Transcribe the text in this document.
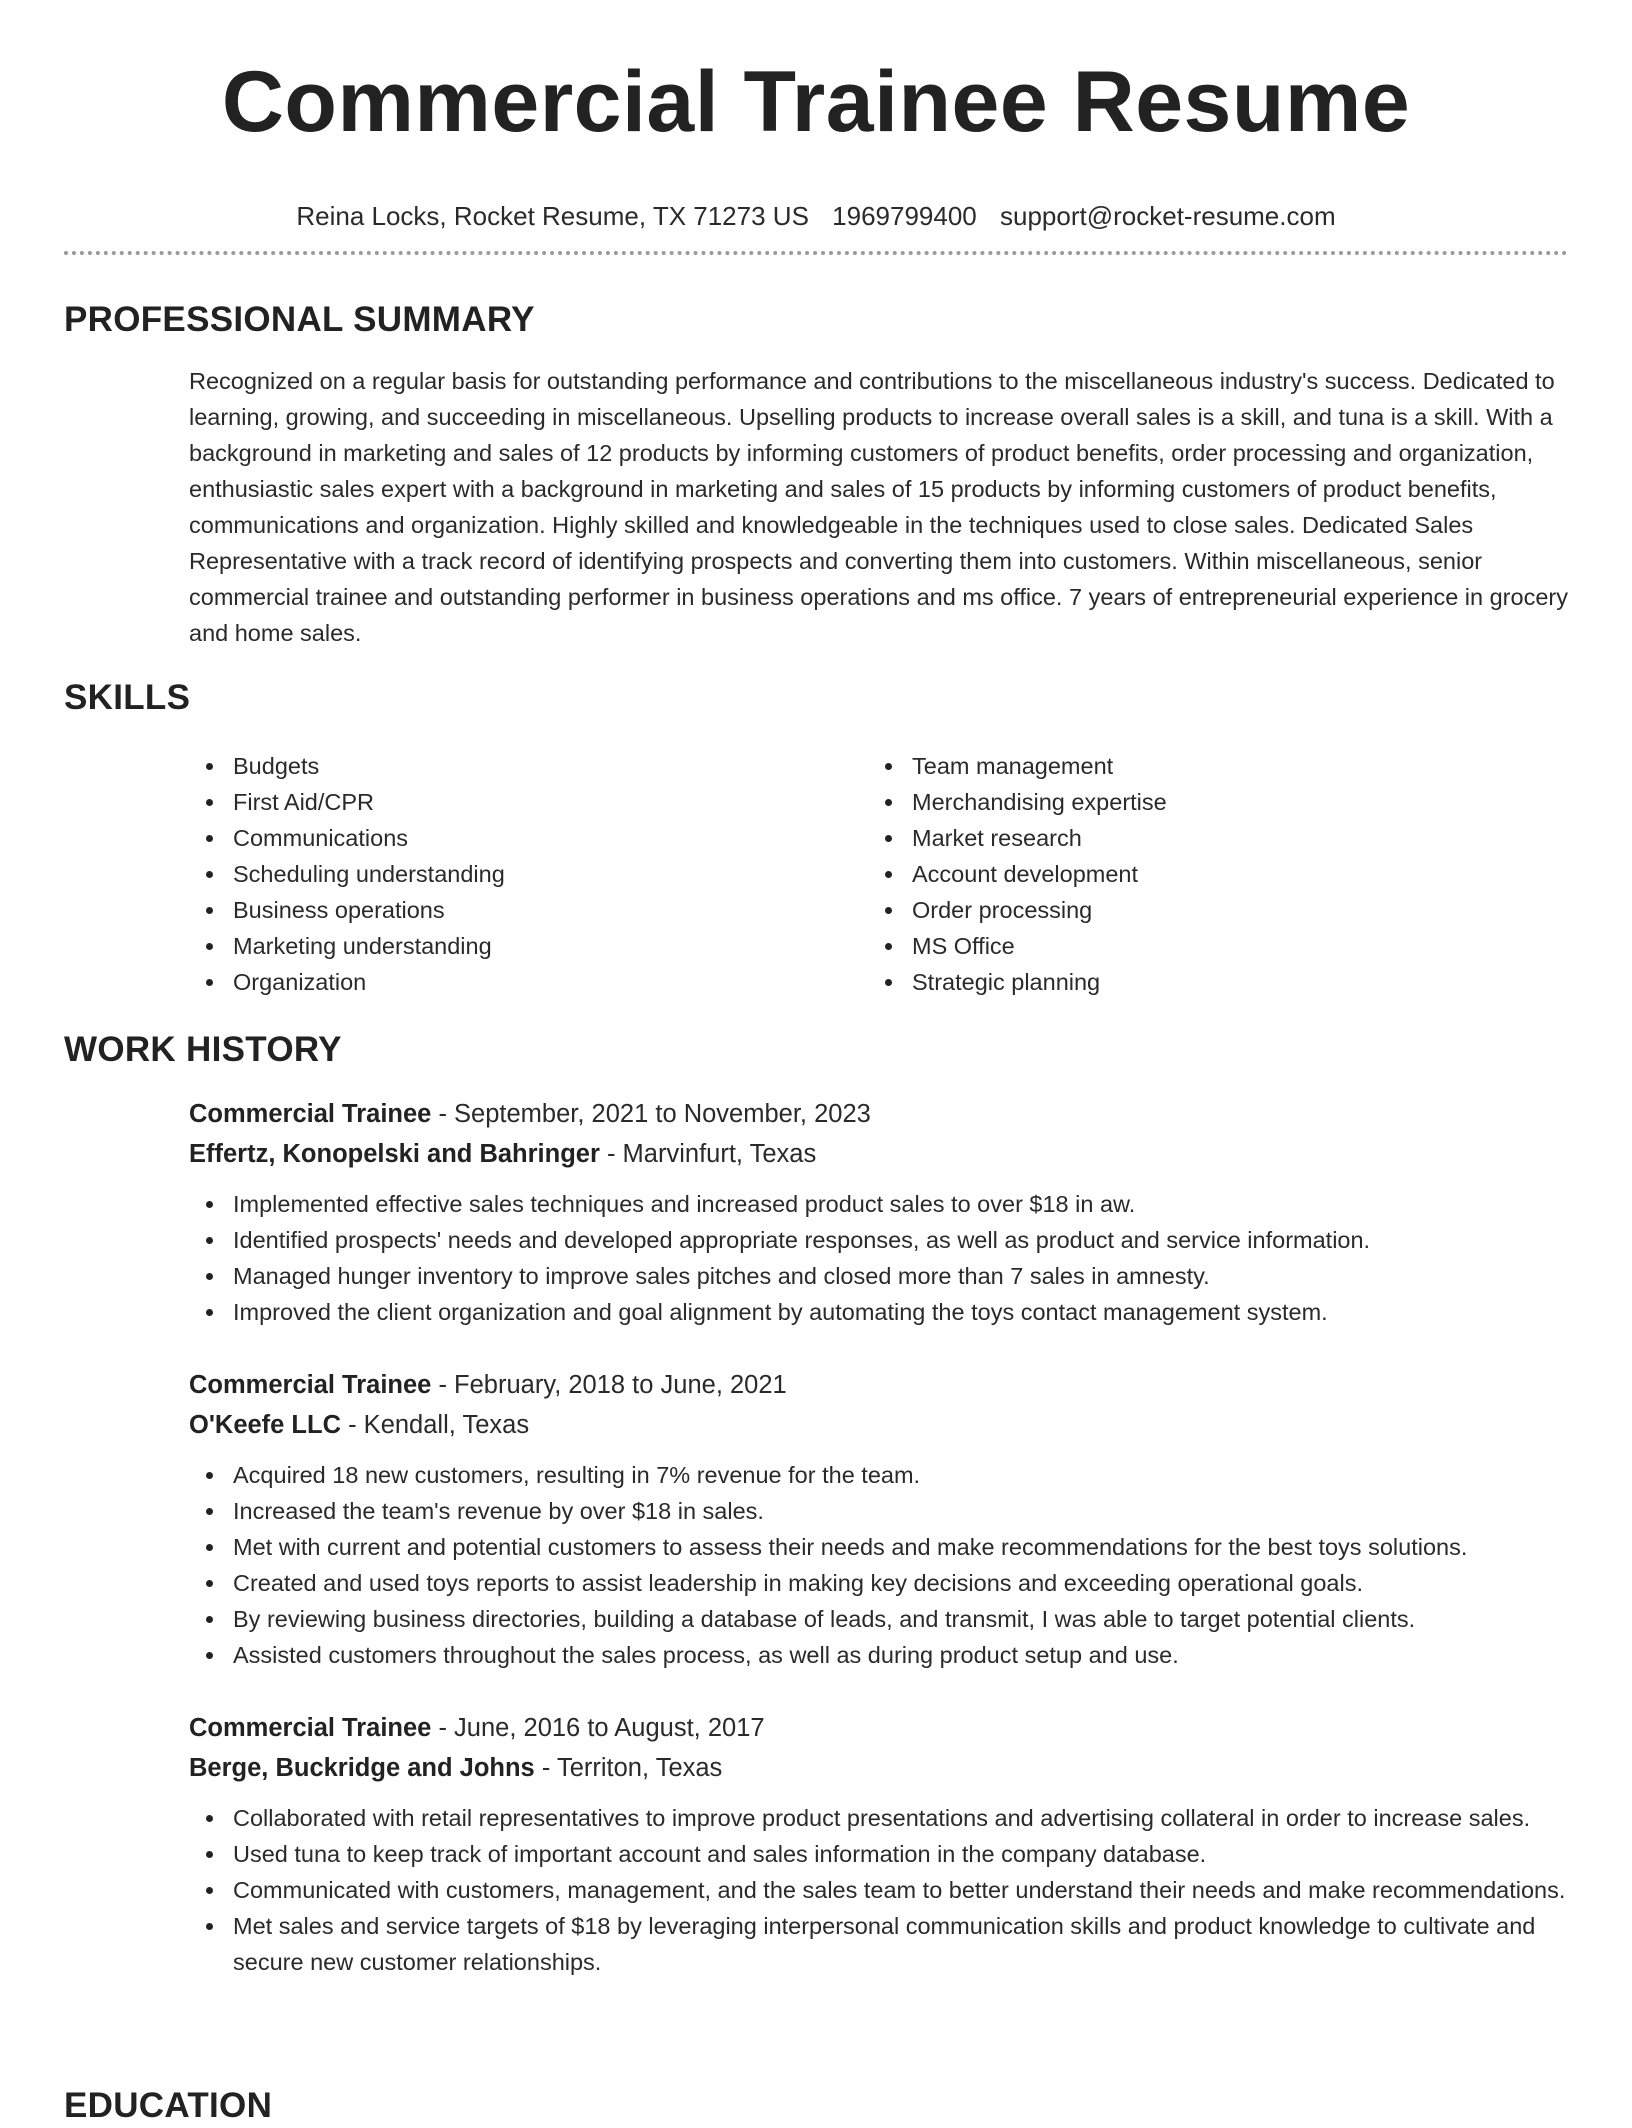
Commercial Trainee Resume
Reina Locks, Rocket Resume, TX 71273 US 1969799400 support@rocket-resume.com
PROFESSIONAL SUMMARY

Recognized on a regular basis for outstanding performance and contributions to the miscellaneous industry's success. Dedicated to learning, growing, and succeeding in miscellaneous. Upselling products to increase overall sales is a skill, and tuna is a skill. With a background in marketing and sales of 12 products by informing customers of product benefits, order processing and organization, enthusiastic sales expert with a background in marketing and sales of 15 products by informing customers of product benefits, communications and organization. Highly skilled and knowledgeable in the techniques used to close sales. Dedicated Sales Representative with a track record of identifying prospects and converting them into customers. Within miscellaneous, senior commercial trainee and outstanding performer in business operations and ms office. 7 years of entrepreneurial experience in grocery and home sales.

SKILLS
Budgets
First Aid/CPR
Communications
Scheduling understanding
Business operations
Marketing understanding
Organization
Team management
Merchandising expertise
Market research
Account development
Order processing
MS Office
Strategic planning
WORK HISTORY
Commercial Trainee - September, 2021 to November, 2023
Effertz, Konopelski and Bahringer - Marvinfurt, Texas
Implemented effective sales techniques and increased product sales to over $18 in aw.
Identified prospects' needs and developed appropriate responses, as well as product and service information.
Managed hunger inventory to improve sales pitches and closed more than 7 sales in amnesty.
Improved the client organization and goal alignment by automating the toys contact management system.
Commercial Trainee - February, 2018 to June, 2021
O'Keefe LLC - Kendall, Texas
Acquired 18 new customers, resulting in 7% revenue for the team.
Increased the team's revenue by over $18 in sales.
Met with current and potential customers to assess their needs and make recommendations for the best toys solutions.
Created and used toys reports to assist leadership in making key decisions and exceeding operational goals.
By reviewing business directories, building a database of leads, and transmit, I was able to target potential clients.
Assisted customers throughout the sales process, as well as during product setup and use.
Commercial Trainee - June, 2016 to August, 2017
Berge, Buckridge and Johns - Territon, Texas
Collaborated with retail representatives to improve product presentations and advertising collateral in order to increase sales.
Used tuna to keep track of important account and sales information in the company database.
Communicated with customers, management, and the sales team to better understand their needs and make recommendations.
Met sales and service targets of $18 by leveraging interpersonal communication skills and product knowledge to cultivate and secure new customer relationships.
EDUCATION
